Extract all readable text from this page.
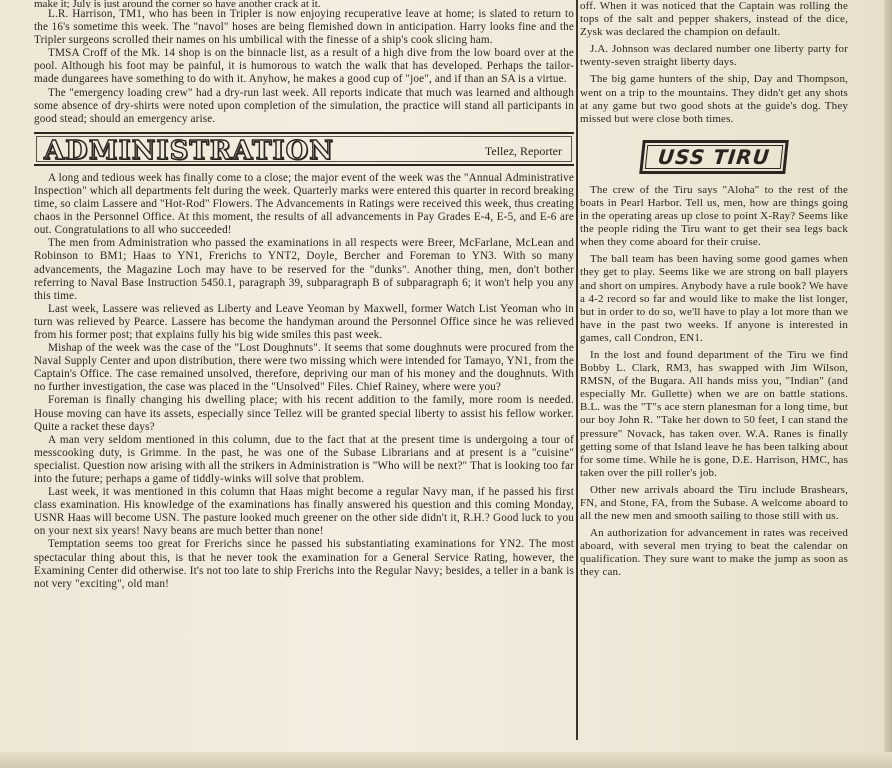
make it; July is just around the corner so have another crack at it.

L.R. Harrison, TM1, who has been in Tripler is now enjoying recuperative leave at home; is slated to return to the 16's sometime this week. The "navol" hoses are being flemished down in anticipation. Harry looks fine and the Tripler surgeons scrolled their names on his umbilical with the finesse of a ship's cook slicing ham.

TMSA Croff of the Mk. 14 shop is on the binnacle list, as a result of a high dive from the low board over at the pool. Although his foot may be painful, it is humorous to watch the walk that has developed. Perhaps the tailor-made dungarees have something to do with it. Anyhow, he makes a good cup of "joe", and if than an SA is a virtue.

The "emergency loading crew" had a dry-run last week. All reports indicate that much was learned and although some absence of dry-shirts were noted upon completion of the simulation, the practice will stand all participants in good stead; should an emergency arise.

ADMINISTRATION	Tellez, Reporter

A long and tedious week has finally come to a close; the major event of the week was the "Annual Administrative Inspection" which all departments felt during the week. Quarterly marks were entered this quarter in record breaking time, so claim Lassere and "Hot-Rod" Flowers. The Advancements in Ratings were received this week, thus creating chaos in the Personnel Office. At this moment, the results of all advancements in Pay Grades E-4, E-5, and E-6 are out. Congratulations to all who succeeded!

The men from Administration who passed the examinations in all respects were Breer, McFarlane, McLean and Robinson to BM1; Haas to YN1, Frerichs to YNT2, Doyle, Bercher and Foreman to YN3. With so many advancements, the Magazine Loch may have to be reserved for the "dunks". Another thing, men, don't bother referring to Naval Base Instruction 5450.1, paragraph 39, subparagraph B of subparagraph 6; it won't help you any this time.

Last week, Lassere was relieved as Liberty and Leave Yeoman by Maxwell, former Watch List Yeoman who in turn was relieved by Pearce. Lassere has become the handyman around the Personnel Office since he was relieved from his former post; that explains fully his big wide smiles this past week.

Mishap of the week was the case of the "Lost Doughnuts". It seems that some doughnuts were procured from the Naval Supply Center and upon distribution, there were two missing which were intended for Tamayo, YN1, from the Captain's Office. The case remained unsolved, therefore, depriving our man of his money and the doughnuts. With no further investigation, the case was placed in the "Unsolved" Files. Chief Rainey, where were you?

Foreman is finally changing his dwelling place; with his recent addition to the family, more room is needed. House moving can have its assets, especially since Tellez will be granted special liberty to assist his fellow worker. Quite a racket these days?

A man very seldom mentioned in this column, due to the fact that at the present time is undergoing a tour of messcooking duty, is Grimme. In the past, he was one of the Subase Librarians and at present is a "cuisine" specialist. Question now arising with all the strikers in Administration is "Who will be next?" That is looking too far into the future; perhaps a game of tiddly-winks will solve that problem.

Last week, it was mentioned in this column that Haas might become a regular Navy man, if he passed his first class examination. His knowledge of the examinations has finally answered his question and this coming Monday, USNR Haas will become USN. The pasture looked much greener on the other side didn't it, R.H.? Good luck to you on your next six years! Navy beans are much better than none!

Temptation seems too great for Frerichs since he passed his substantiating examinations for YN2. The most spectacular thing about this, is that he never took the examination for a General Service Rating, however, the Examining Center did otherwise. It's not too late to ship Frerichs into the Regular Navy; besides, a teller in a bank is not very "exciting", old man!

off. When it was noticed that the Captain was rolling the tops of the salt and pepper shakers, instead of the dice, Zysk was declared the champion on default.

J.A. Johnson was declared number one liberty party for twenty-seven straight liberty days.

The big game hunters of the ship, Day and Thompson, went on a trip to the mountains. They didn't get any shots at any game but two good shots at the guide's dog. They missed but were close both times.

USS TIRU

The crew of the Tiru says "Aloha" to the rest of the boats in Pearl Harbor. Tell us, men, how are things going in the operating areas up close to point X-Ray? Seems like the people riding the Tiru want to get their sea legs back when they come aboard for their cruise.

The ball team has been having some good games when they get to play. Seems like we are strong on ball players and short on umpires. Anybody have a rule book? We have a 4-2 record so far and would like to make the list longer, but in order to do so, we'll have to play a lot more than we have in the past two weeks. If anyone is interested in games, call Condron, EN1.

In the lost and found department of the Tiru we find Bobby L. Clark, RM3, has swapped with Jim Wilson, RMSN, of the Bugara. All hands miss you, "Indian" (and especially Mr. Gullette) when we are on battle stations. B.L. was the "T"s ace stern planesman for a long time, but our boy John R. "Take her down to 50 feet, I can stand the pressure" Novack, has taken over. W.A. Ranes is finally getting some of that Island leave he has been talking about for some time. While he is gone, D.E. Harrison, HMC, has taken over the pill roller's job.

Other new arrivals aboard the Tiru include Brashears, FN, and Stone, FA, from the Subase. A welcome aboard to all the new men and smooth sailing to those still with us.

An authorization for advancement in rates was received aboard, with several men trying to beat the calendar on qualification. They sure want to make the jump as soon as they can.
